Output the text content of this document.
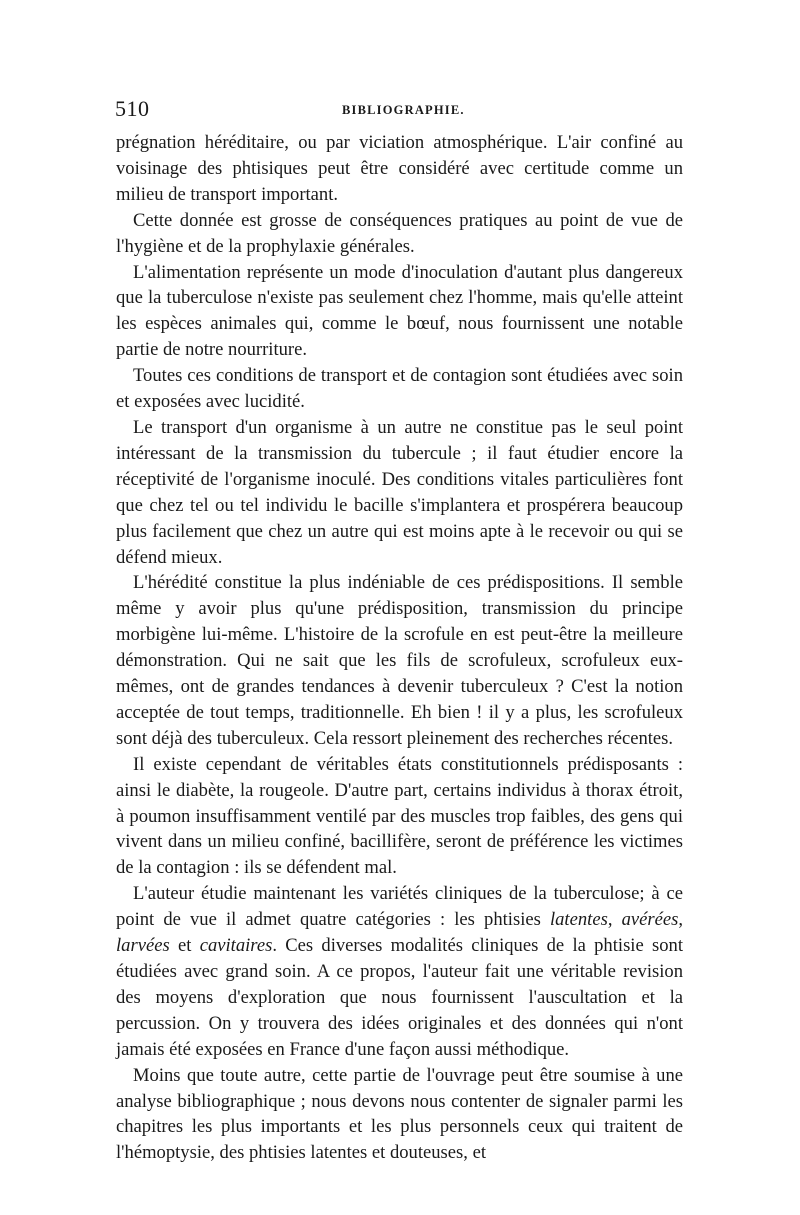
510	BIBLIOGRAPHIE.

prégnation héréditaire, ou par viciation atmosphérique. L'air confiné au voisinage des phtisiques peut être considéré avec certitude comme un milieu de transport important.

Cette donnée est grosse de conséquences pratiques au point de vue de l'hygiène et de la prophylaxie générales.

L'alimentation représente un mode d'inoculation d'autant plus dangereux que la tuberculose n'existe pas seulement chez l'homme, mais qu'elle atteint les espèces animales qui, comme le bœuf, nous fournissent une notable partie de notre nourriture.

Toutes ces conditions de transport et de contagion sont étudiées avec soin et exposées avec lucidité.

Le transport d'un organisme à un autre ne constitue pas le seul point intéressant de la transmission du tubercule ; il faut étudier encore la réceptivité de l'organisme inoculé. Des conditions vitales particulières font que chez tel ou tel individu le bacille s'implantera et prospérera beaucoup plus facilement que chez un autre qui est moins apte à le recevoir ou qui se défend mieux.

L'hérédité constitue la plus indéniable de ces prédispositions. Il semble même y avoir plus qu'une prédisposition, transmission du principe morbigène lui-même. L'histoire de la scrofule en est peut-être la meilleure démonstration. Qui ne sait que les fils de scrofuleux, scrofuleux eux-mêmes, ont de grandes tendances à devenir tuberculeux ? C'est la notion acceptée de tout temps, traditionnelle. Eh bien ! il y a plus, les scrofuleux sont déjà des tuberculeux. Cela ressort pleinement des recherches récentes.

Il existe cependant de véritables états constitutionnels prédisposants : ainsi le diabète, la rougeole. D'autre part, certains individus à thorax étroit, à poumon insuffisamment ventilé par des muscles trop faibles, des gens qui vivent dans un milieu confiné, bacillifère, seront de préférence les victimes de la contagion : ils se défendent mal.

L'auteur étudie maintenant les variétés cliniques de la tuberculose; à ce point de vue il admet quatre catégories : les phtisies latentes, avérées, larvées et cavitaires. Ces diverses modalités cliniques de la phtisie sont étudiées avec grand soin. A ce propos, l'auteur fait une véritable revision des moyens d'exploration que nous fournissent l'auscultation et la percussion. On y trouvera des idées originales et des données qui n'ont jamais été exposées en France d'une façon aussi méthodique.

Moins que toute autre, cette partie de l'ouvrage peut être soumise à une analyse bibliographique ; nous devons nous contenter de signaler parmi les chapitres les plus importants et les plus personnels ceux qui traitent de l'hémoptysie, des phtisies latentes et douteuses, et
